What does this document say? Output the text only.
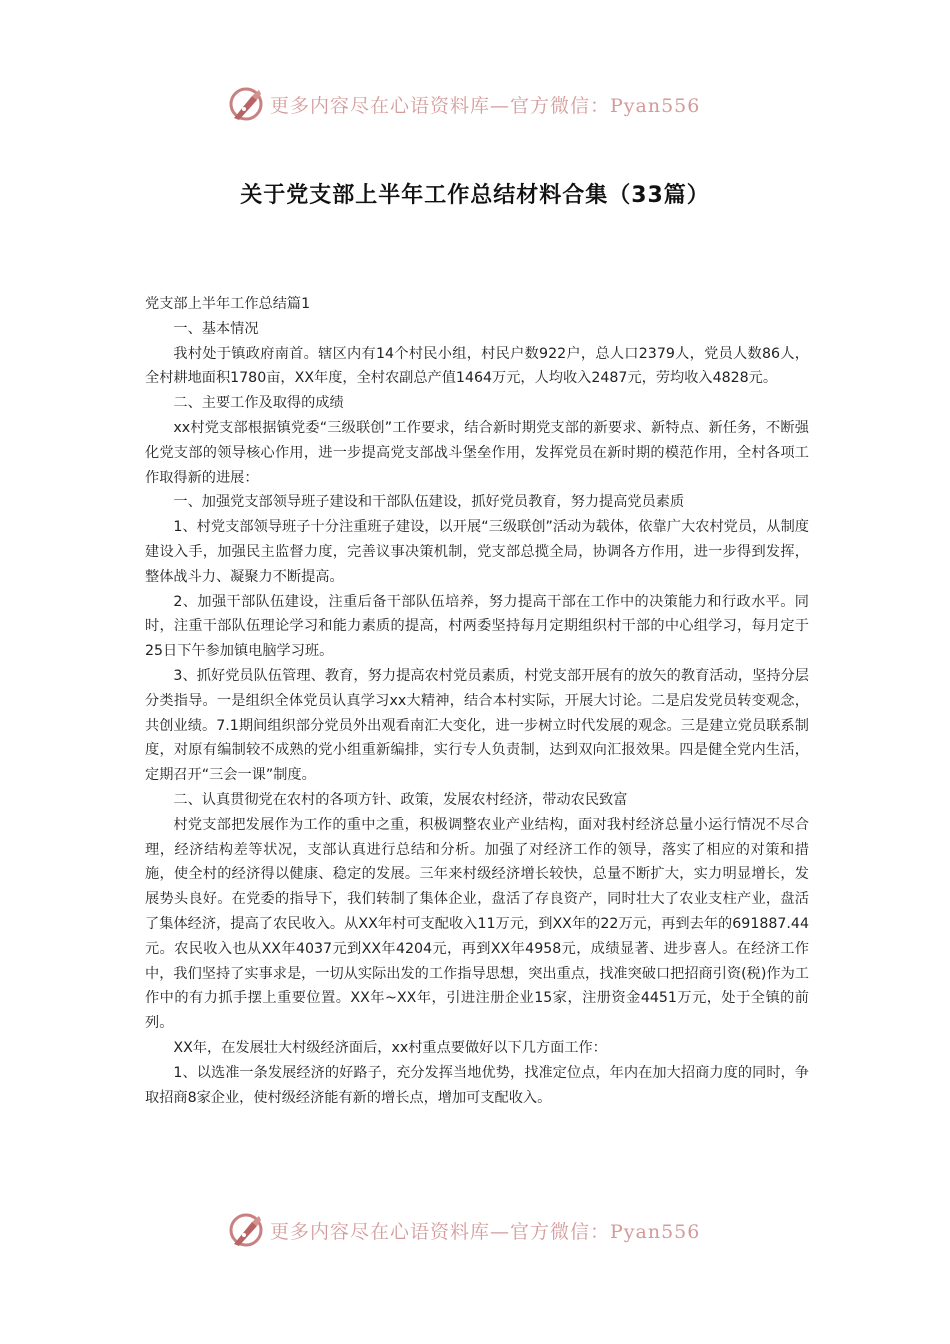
更多内容尽在心语资料库—官方微信：Pyan556
关于党支部上半年工作总结材料合集（33篇）

党支部上半年工作总结篇1

一、基本情况

我村处于镇政府南首。辖区内有14个村民小组，村民户数922户，总人口2379人，党员人数86人，全村耕地面积1780亩，XX年度，全村农副总产值1464万元，人均收入2487元，劳均收入4828元。

二、主要工作及取得的成绩

xx村党支部根据镇党委“三级联创”工作要求，结合新时期党支部的新要求、新特点、新任务，不断强化党支部的领导核心作用，进一步提高党支部战斗堡垒作用，发挥党员在新时期的模范作用，全村各项工作取得新的进展：

一、加强党支部领导班子建设和干部队伍建设，抓好党员教育，努力提高党员素质

1、村党支部领导班子十分注重班子建设，以开展“三级联创”活动为载体，依靠广大农村党员，从制度建设入手，加强民主监督力度，完善议事决策机制，党支部总揽全局，协调各方作用，进一步得到发挥，整体战斗力、凝聚力不断提高。

2、加强干部队伍建设，注重后备干部队伍培养，努力提高干部在工作中的决策能力和行政水平。同时，注重干部队伍理论学习和能力素质的提高，村两委坚持每月定期组织村干部的中心组学习，每月定于25日下午参加镇电脑学习班。

3、抓好党员队伍管理、教育，努力提高农村党员素质，村党支部开展有的放矢的教育活动，坚持分层分类指导。一是组织全体党员认真学习xx大精神，结合本村实际，开展大讨论。二是启发党员转变观念，共创业绩。7.1期间组织部分党员外出观看南汇大变化，进一步树立时代发展的观念。三是建立党员联系制度，对原有编制较不成熟的党小组重新编排，实行专人负责制，达到双向汇报效果。四是健全党内生活，定期召开“三会一课”制度。

二、认真贯彻党在农村的各项方针、政策，发展农村经济，带动农民致富

村党支部把发展作为工作的重中之重，积极调整农业产业结构，面对我村经济总量小运行情况不尽合理，经济结构差等状况，支部认真进行总结和分析。加强了对经济工作的领导，落实了相应的对策和措施，使全村的经济得以健康、稳定的发展。三年来村级经济增长较快，总量不断扩大，实力明显增长，发展势头良好。在党委的指导下，我们转制了集体企业，盘活了存良资产，同时壮大了农业支柱产业，盘活了集体经济，提高了农民收入。从XX年村可支配收入11万元，到XX年的22万元，再到去年的691887.44元。农民收入也从XX年4037元到XX年4204元，再到XX年4958元，成绩显著、进步喜人。在经济工作中，我们坚持了实事求是，一切从实际出发的工作指导思想，突出重点，找准突破口把招商引资(税)作为工作中的有力抓手摆上重要位置。XX年~XX年，引进注册企业15家，注册资金4451万元，处于全镇的前列。

XX年，在发展壮大村级经济面后，xx村重点要做好以下几方面工作：

1、以选准一条发展经济的好路子，充分发挥当地优势，找准定位点，年内在加大招商力度的同时，争取招商8家企业，使村级经济能有新的增长点，增加可支配收入。

更多内容尽在心语资料库—官方微信：Pyan556
